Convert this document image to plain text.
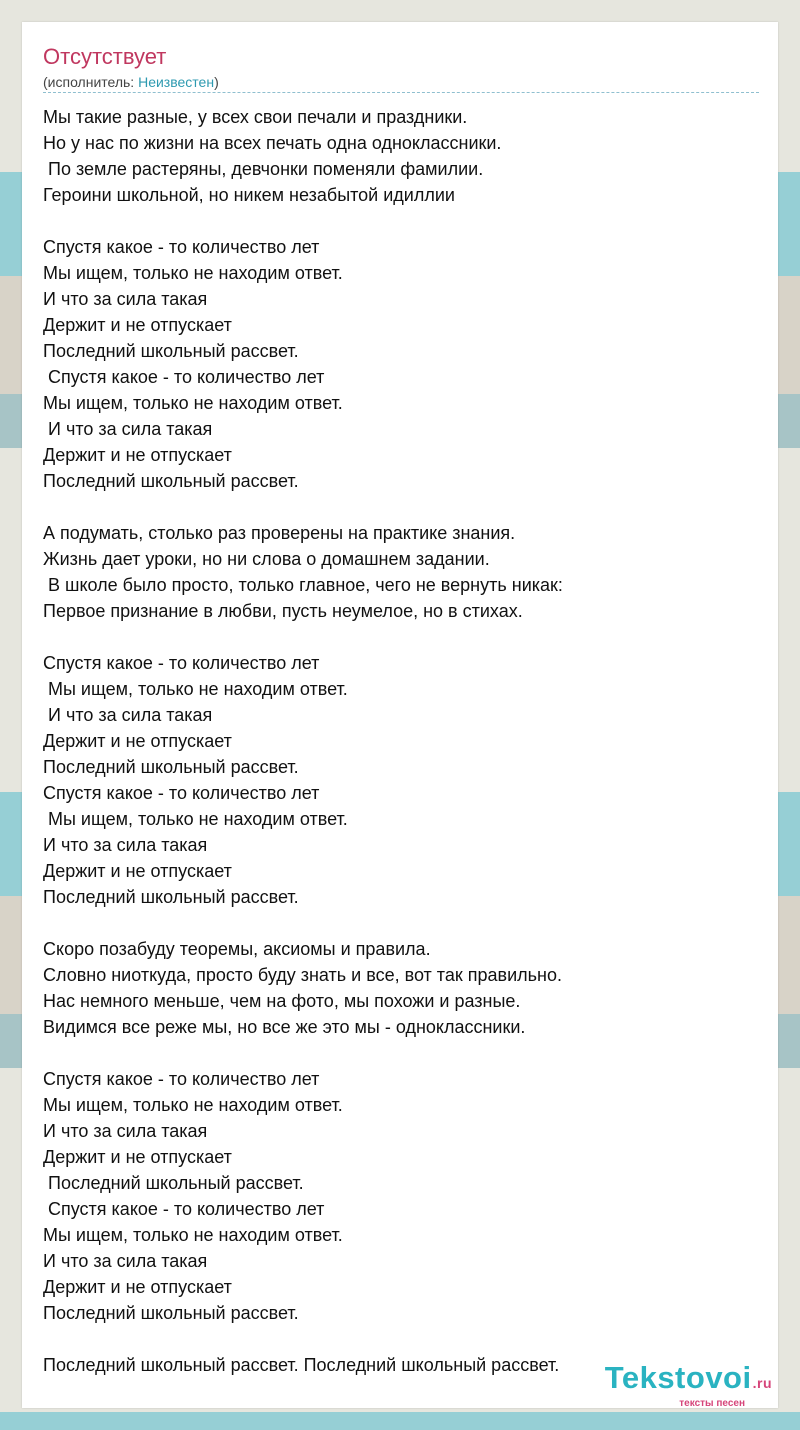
Отсутствует
(исполнитель: Неизвестен)
Мы такие разные, у всех свои печали и праздники.
Но у нас по жизни на всех печать одна одноклассники.
По земле растеряны, девчонки поменяли фамилии.
Героини школьной, но никем незабытой идиллии
Спустя какое - то количество лет
Мы ищем, только не находим ответ.
И что за сила такая
Держит и не отпускает
Последний школьный рассвет.
Спустя какое - то количество лет
Мы ищем, только не находим ответ.
И что за сила такая
Держит и не отпускает
Последний школьный рассвет.
А подумать, столько раз проверены на практике знания.
Жизнь дает уроки, но ни слова о домашнем задании.
В школе было просто, только главное, чего не вернуть никак:
Первое признание в любви, пусть неумелое, но в стихах.
Спустя какое - то количество лет
Мы ищем, только не находим ответ.
И что за сила такая
Держит и не отпускает
Последний школьный рассвет.
Спустя какое - то количество лет
Мы ищем, только не находим ответ.
И что за сила такая
Держит и не отпускает
Последний школьный рассвет.
Скоро позабуду теоремы, аксиомы и правила.
Словно ниоткуда, просто буду знать и все, вот так правильно.
Нас немного меньше, чем на фото, мы похожи и разные.
Видимся все реже мы, но все же это мы - одноклассники.
Спустя какое - то количество лет
Мы ищем, только не находим ответ.
И что за сила такая
Держит и не отпускает
Последний школьный рассвет.
Спустя какое - то количество лет
Мы ищем, только не находим ответ.
И что за сила такая
Держит и не отпускает
Последний школьный рассвет.
Последний школьный рассвет. Последний школьный рассвет.	Tekstovoi.ru
тексты песен
